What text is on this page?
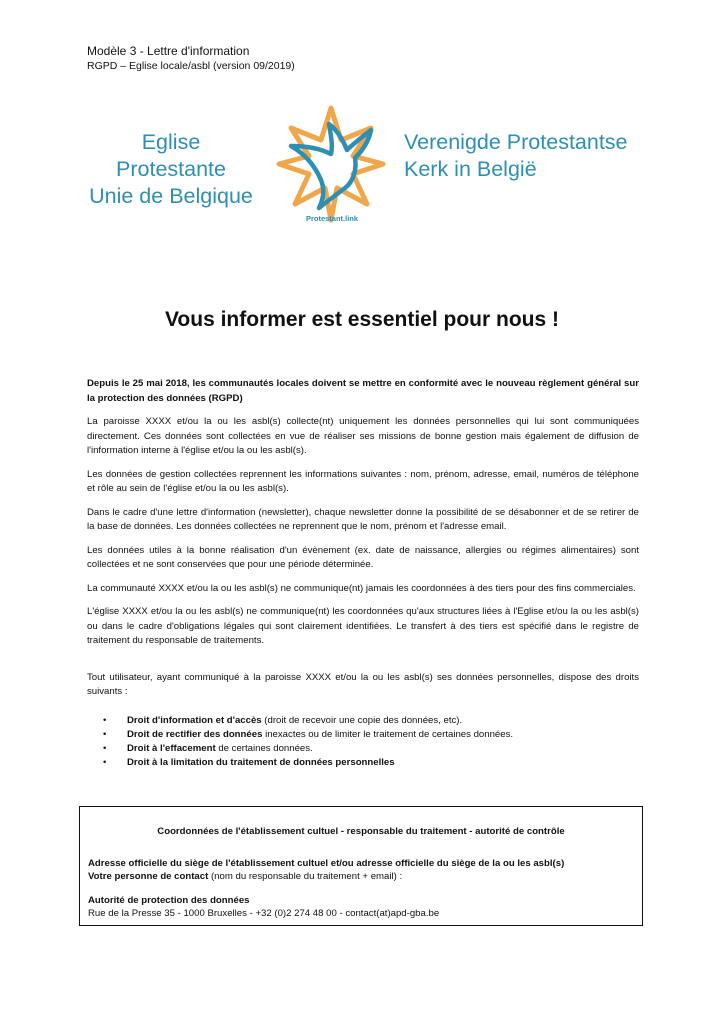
Modèle 3 - Lettre d'information
RGPD – Eglise locale/asbl (version 09/2019)
Eglise Protestante
Unie de Belgique
Protestant.link
Verenigde Protestantse
Kerk in België
Vous informer est essentiel pour nous !

Depuis le 25 mai 2018, les communautés locales doivent se mettre en conformité avec le nouveau règlement général sur la protection des données (RGPD)

La paroisse XXXX et/ou la ou les asbl(s) collecte(nt) uniquement les données personnelles qui lui sont communiquées directement. Ces données sont collectées en vue de réaliser ses missions de bonne gestion mais également de diffusion de l'information interne à l'église et/ou la ou les asbl(s).

Les données de gestion collectées reprennent les informations suivantes : nom, prénom, adresse, email, numéros de téléphone et rôle au sein de l'église et/ou la ou les asbl(s).

Dans le cadre d'une lettre d'information (newsletter), chaque newsletter donne la possibilité de se désabonner et de se retirer de la base de données. Les données collectées ne reprennent que le nom, prénom et l'adresse email.

Les données utiles à la bonne réalisation d'un évènement (ex. date de naissance, allergies ou régimes alimentaires) sont collectées et ne sont conservées que pour une période déterminée.

La communauté XXXX et/ou la ou les asbl(s) ne communique(nt) jamais les coordonnées à des tiers pour des fins commerciales.

L'église XXXX et/ou la ou les asbl(s) ne communique(nt) les coordonnées qu'aux structures liées à l'Eglise et/ou la ou les asbl(s) ou dans le cadre d'obligations légales qui sont clairement identifiées. Le transfert à des tiers est spécifié dans le registre de traitement du responsable de traitements.

Tout utilisateur, ayant communiqué à la paroisse XXXX et/ou la ou les asbl(s) ses données personnelles, dispose des droits suivants :

• Droit d'information et d'accès (droit de recevoir une copie des données, etc).
• Droit de rectifier des données inexactes ou de limiter le traitement de certaines données.
• Droit à l'effacement de certaines données.
• Droit à la limitation du traitement de données personnelles
Coordonnées de l'établissement cultuel - responsable du traitement - autorité de contrôle

Adresse officielle du siège de l'établissement cultuel et/ou adresse officielle du siège de la ou les asbl(s)

Votre personne de contact (nom du responsable du traitement + email) :

Autorité de protection des données

Rue de la Presse 35 - 1000 Bruxelles - +32 (0)2 274 48 00 - contact(at)apd-gba.be
